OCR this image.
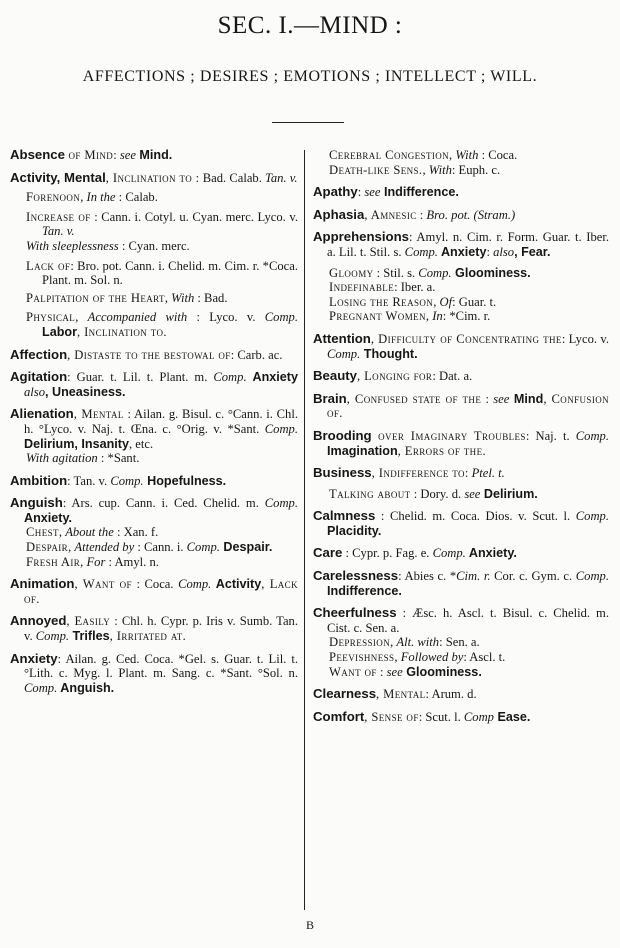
SEC. I.—MIND :
AFFECTIONS ; DESIRES ; EMOTIONS ; INTELLECT ; WILL.
Absence of Mind: see Mind.
Activity, Mental, Inclination to : Bad. Calab. Tan. v.
Forenoon, In the : Calab.
Increase of : Cann. i. Cotyl. u. Cyan. merc. Lyco. v. Tan. v.
With sleeplessness : Cyan. merc.
Lack of: Bro. pot. Cann. i. Chelid. m. Cim. r. *Coca. Plant. m. Sol. n.
Palpitation of the Heart, With : Bad.
Physical, Accompanied with : Lyco. v. Comp. Labor, Inclination to.
Affection, Distaste to the bestowal of: Carb. ac.
Agitation: Guar. t. Lil. t. Plant. m. Comp. Anxiety also, Uneasiness.
Alienation, Mental : Ailan. g. Bisul. c. °Cann. i. Chl. h. °Lyco. v. Naj. t. Œna. c. °Orig. v. *Sant. Comp. Delirium, Insanity, etc.
With agitation : *Sant.
Ambition: Tan. v. Comp. Hopefulness.
Anguish: Ars. cup. Cann. i. Ced. Chelid. m. Comp. Anxiety.
Chest, About the : Xan. f.
Despair, Attended by : Cann. i. Comp. Despair.
Fresh Air, For : Amyl. n.
Animation, Want of : Coca. Comp. Activity, Lack of.
Annoyed, Easily : Chl. h. Cypr. p. Iris v. Sumb. Tan. v. Comp. Trifles, Irritated at.
Anxiety: Ailan. g. Ced. Coca. *Gel. s. Guar. t. Lil. t. °Lith. c. Myg. l. Plant. m. Sang. c. *Sant. °Sol. n. Comp. Anguish.
Cerebral Congestion, With : Coca.
Death-like Sens., With: Euph. c.
Apathy: see Indifference.
Aphasia, Amnesic : Bro. pot. (Stram.)
Apprehensions: Amyl. n. Cim. r. Form. Guar. t. Iber. a. Lil. t. Stil. s. Comp. Anxiety: also, Fear.
Gloomy : Stil. s. Comp. Gloominess.
Indefinable: Iber. a.
Losing the Reason, Of: Guar. t.
Pregnant Women, In: *Cim. r.
Attention, Difficulty of Concentrating the: Lyco. v. Comp. Thought.
Beauty, Longing for: Dat. a.
Brain, Confused state of the : see Mind, Confusion of.
Brooding over Imaginary Troubles: Naj. t. Comp. Imagination, Errors of the.
Business, Indifference to: Ptel. t.
Talking about : Dory. d. see Delirium.
Calmness : Chelid. m. Coca. Dios. v. Scut. l. Comp. Placidity.
Care : Cypr. p. Fag. e. Comp. Anxiety.
Carelessness: Abies c. *Cim. r. Cor. c. Gym. c. Comp. Indifference.
Cheerfulness : Æsc. h. Ascl. t. Bisul. c. Chelid. m. Cist. c. Sen. a.
Depression, Alt. with: Sen. a.
Peevishness, Followed by: Ascl. t.
Want of : see Gloominess.
Clearness, Mental: Arum. d.
Comfort, Sense of: Scut. l. Comp Ease.
B
